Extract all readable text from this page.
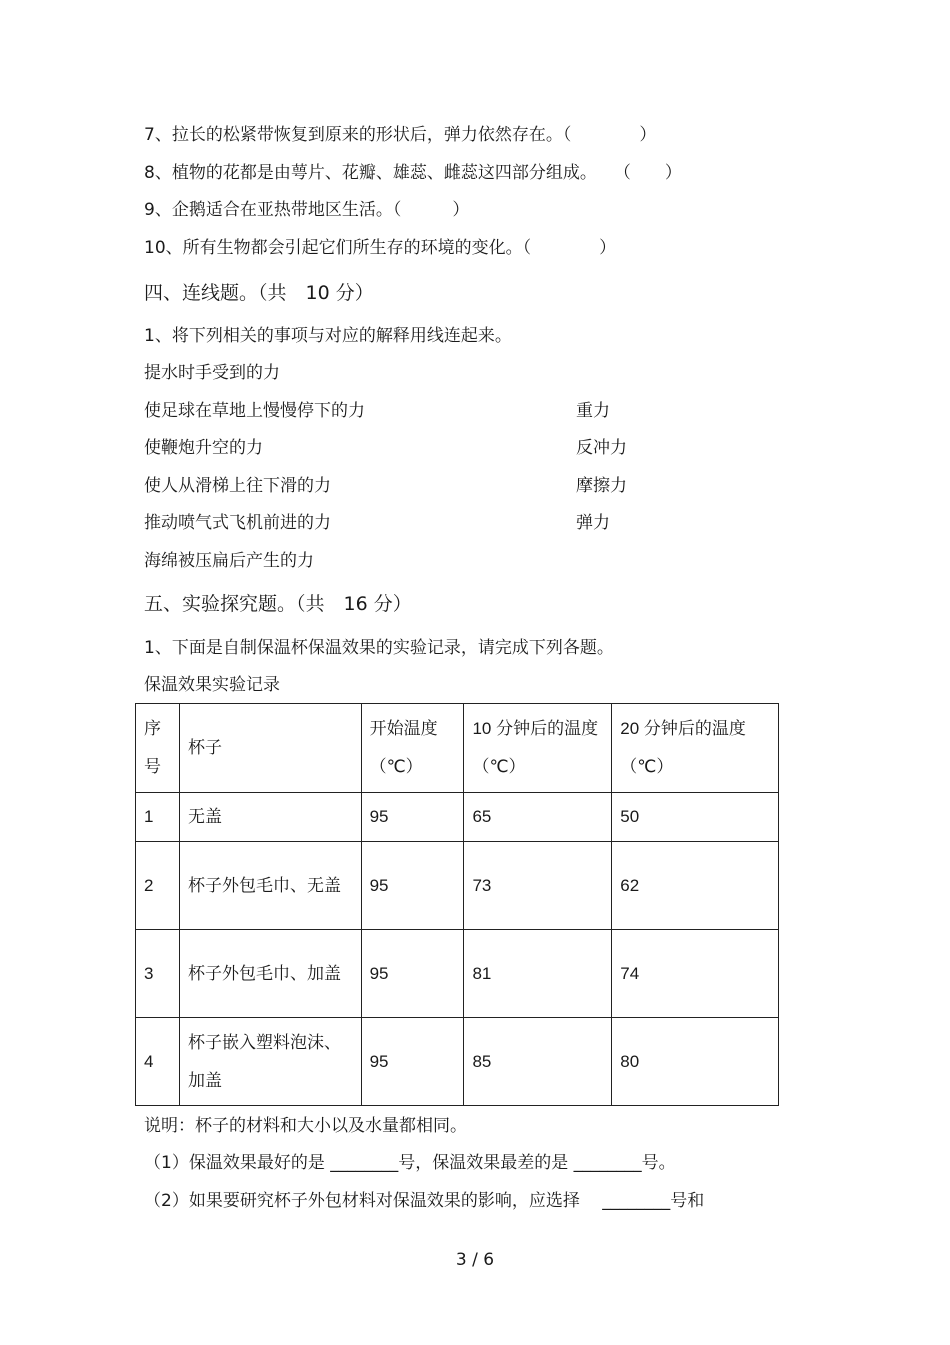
7、拉长的松紧带恢复到原来的形状后，弹力依然存在。（　　　　）
8、植物的花都是由萼片、花瓣、雄蕊、雌蕊这四部分组成。　　（　　）
9、企鹅适合在亚热带地区生活。（　　　）
10、所有生物都会引起它们所生存的环境的变化。（　　　　）
四、连线题。（共　10 分）
1、将下列相关的事项与对应的解释用线连起来。
提水时手受到的力
使足球在草地上慢慢停下的力
使鞭炮升空的力
使人从滑梯上往下滑的力
推动喷气式飞机前进的力
海绵被压扁后产生的力
重力
反冲力
摩擦力
弹力
五、实验探究题。（共　16 分）
1、下面是自制保温杯保温效果的实验记录，请完成下列各题。
保温效果实验记录
序号	杯子	开始温度（℃）	10 分钟后的温度（℃）	20 分钟后的温度（℃）
1	无盖	95	65	50
2	杯子外包毛巾、无盖	95	73	62
3	杯子外包毛巾、加盖	95	81	74
4	杯子嵌入塑料泡沫、加盖	95	85	80
说明：杯子的材料和大小以及水量都相同。
（1）保温效果最好的是 ________号，保温效果最差的是 ________号。
（2）如果要研究杯子外包材料对保温效果的影响，应选择　 ________号和
3 / 6
